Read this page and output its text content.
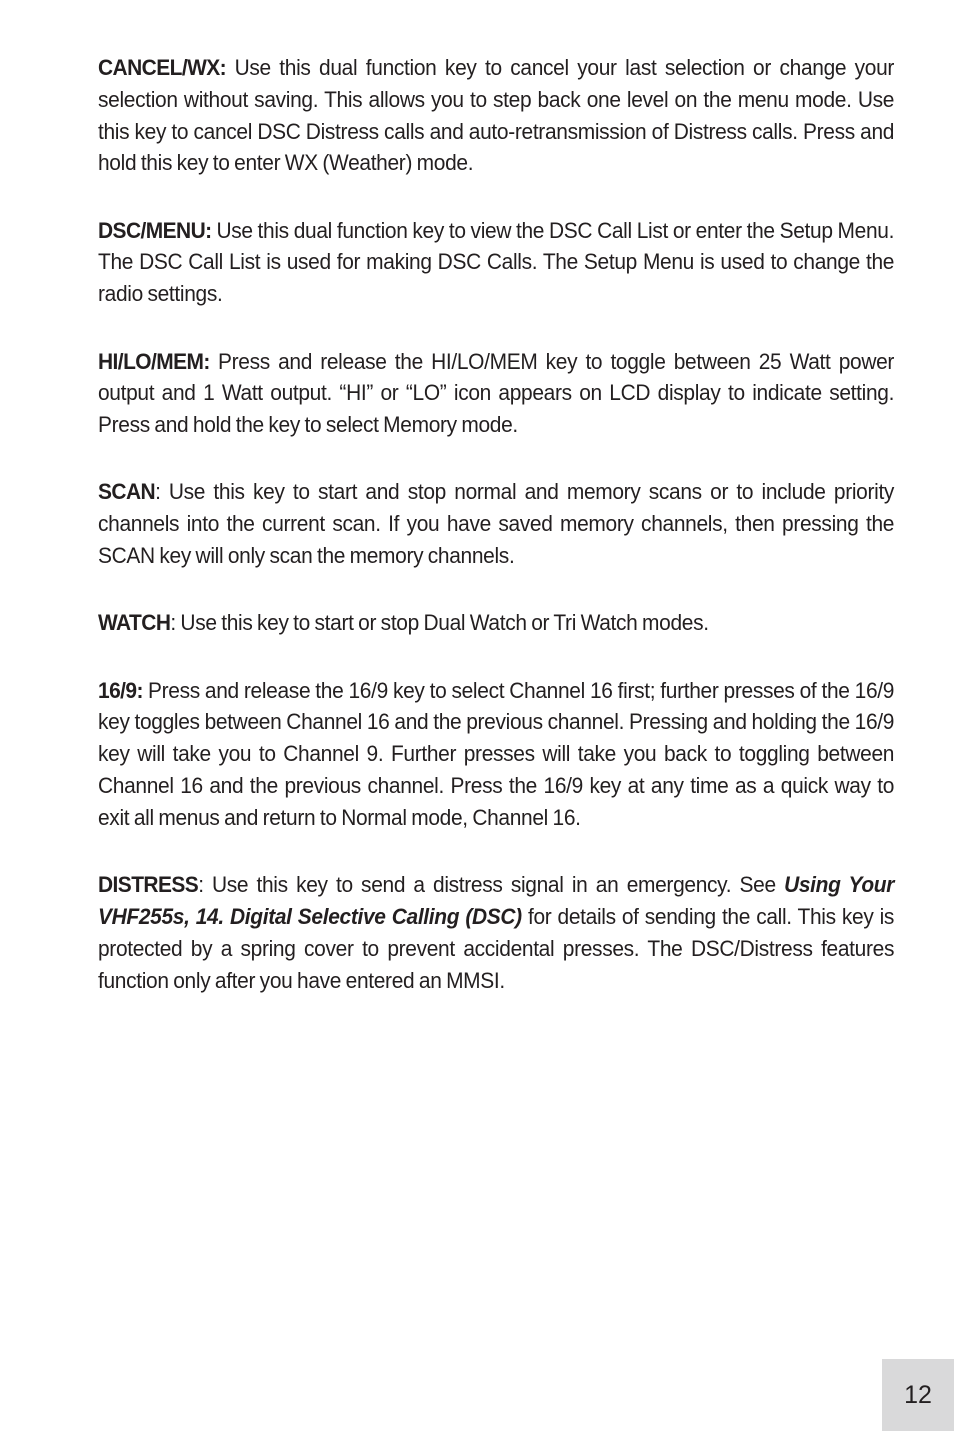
CANCEL/WX: Use this dual function key to cancel your last selection or change your selection without saving. This allows you to step back one level on the menu mode. Use this key to cancel DSC Distress calls and auto-retransmission of Distress calls. Press and hold this key to enter WX (Weather) mode.

DSC/MENU: Use this dual function key to view the DSC Call List or enter the Setup Menu. The DSC Call List is used for making DSC Calls. The Setup Menu is used to change the radio settings.

HI/LO/MEM: Press and release the HI/LO/MEM key to toggle between 25 Watt power output and 1 Watt output. “HI” or “LO” icon appears on LCD display to indicate setting. Press and hold the key to select Memory mode.

SCAN: Use this key to start and stop normal and memory scans or to include priority channels into the current scan. If you have saved memory channels, then pressing the SCAN key will only scan the memory channels.

WATCH: Use this key to start or stop Dual Watch or Tri Watch modes.

16/9: Press and release the 16/9 key to select Channel 16 first; further presses of the 16/9 key toggles between Channel 16 and the previous channel. Pressing and holding the 16/9 key will take you to Channel 9. Further presses will take you back to toggling between Channel 16 and the previous channel. Press the 16/9 key at any time as a quick way to exit all menus and return to Normal mode, Channel 16.

DISTRESS: Use this key to send a distress signal in an emergency. See Using Your VHF255s, 14. Digital Selective Calling (DSC) for details of sending the call. This key is protected by a spring cover to prevent accidental presses. The DSC/Distress features function only after you have entered an MMSI.

12
